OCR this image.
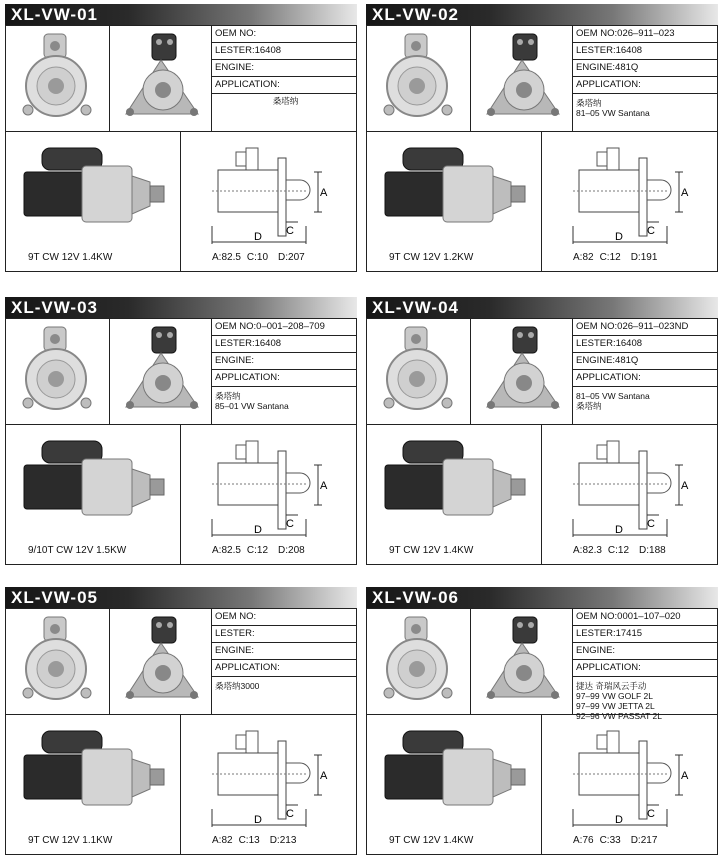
XL-VW-01
OEM NO:
LESTER:16408
ENGINE:
APPLICATION:
桑塔纳
9T CW 12V 1.4KW
A
C
D
A:82.5 C:10 D:207
XL-VW-02
OEM NO:026–911–023
LESTER:16408
ENGINE:481Q
APPLICATION:
桑塔纳
81–05 VW Santana
9T CW 12V 1.2KW
A
C
D
A:82 C:12 D:191
XL-VW-03
OEM NO:0–001–208–709
LESTER:16408
ENGINE:
APPLICATION:
桑塔纳
85–01 VW Santana
9/10T CW 12V 1.5KW
A
C
D
A:82.5 C:12 D:208
XL-VW-04
OEM NO:026–911–023ND
LESTER:16408
ENGINE:481Q
APPLICATION:
81–05 VW Santana
桑塔纳
9T CW 12V 1.4KW
A
C
D
A:82.3 C:12 D:188
XL-VW-05
OEM NO:
LESTER:
ENGINE:
APPLICATION:
桑塔纳3000
9T CW 12V 1.1KW
A
C
D
A:82 C:13 D:213
XL-VW-06
OEM NO:0001–107–020
LESTER:17415
ENGINE:
APPLICATION:
捷达 奇瑞风云手动
97–99 VW GOLF 2L
97–99 VW JETTA 2L
92–96 VW PASSAT 2L
9T CW 12V 1.4KW
A
C
D
A:76 C:33 D:217
